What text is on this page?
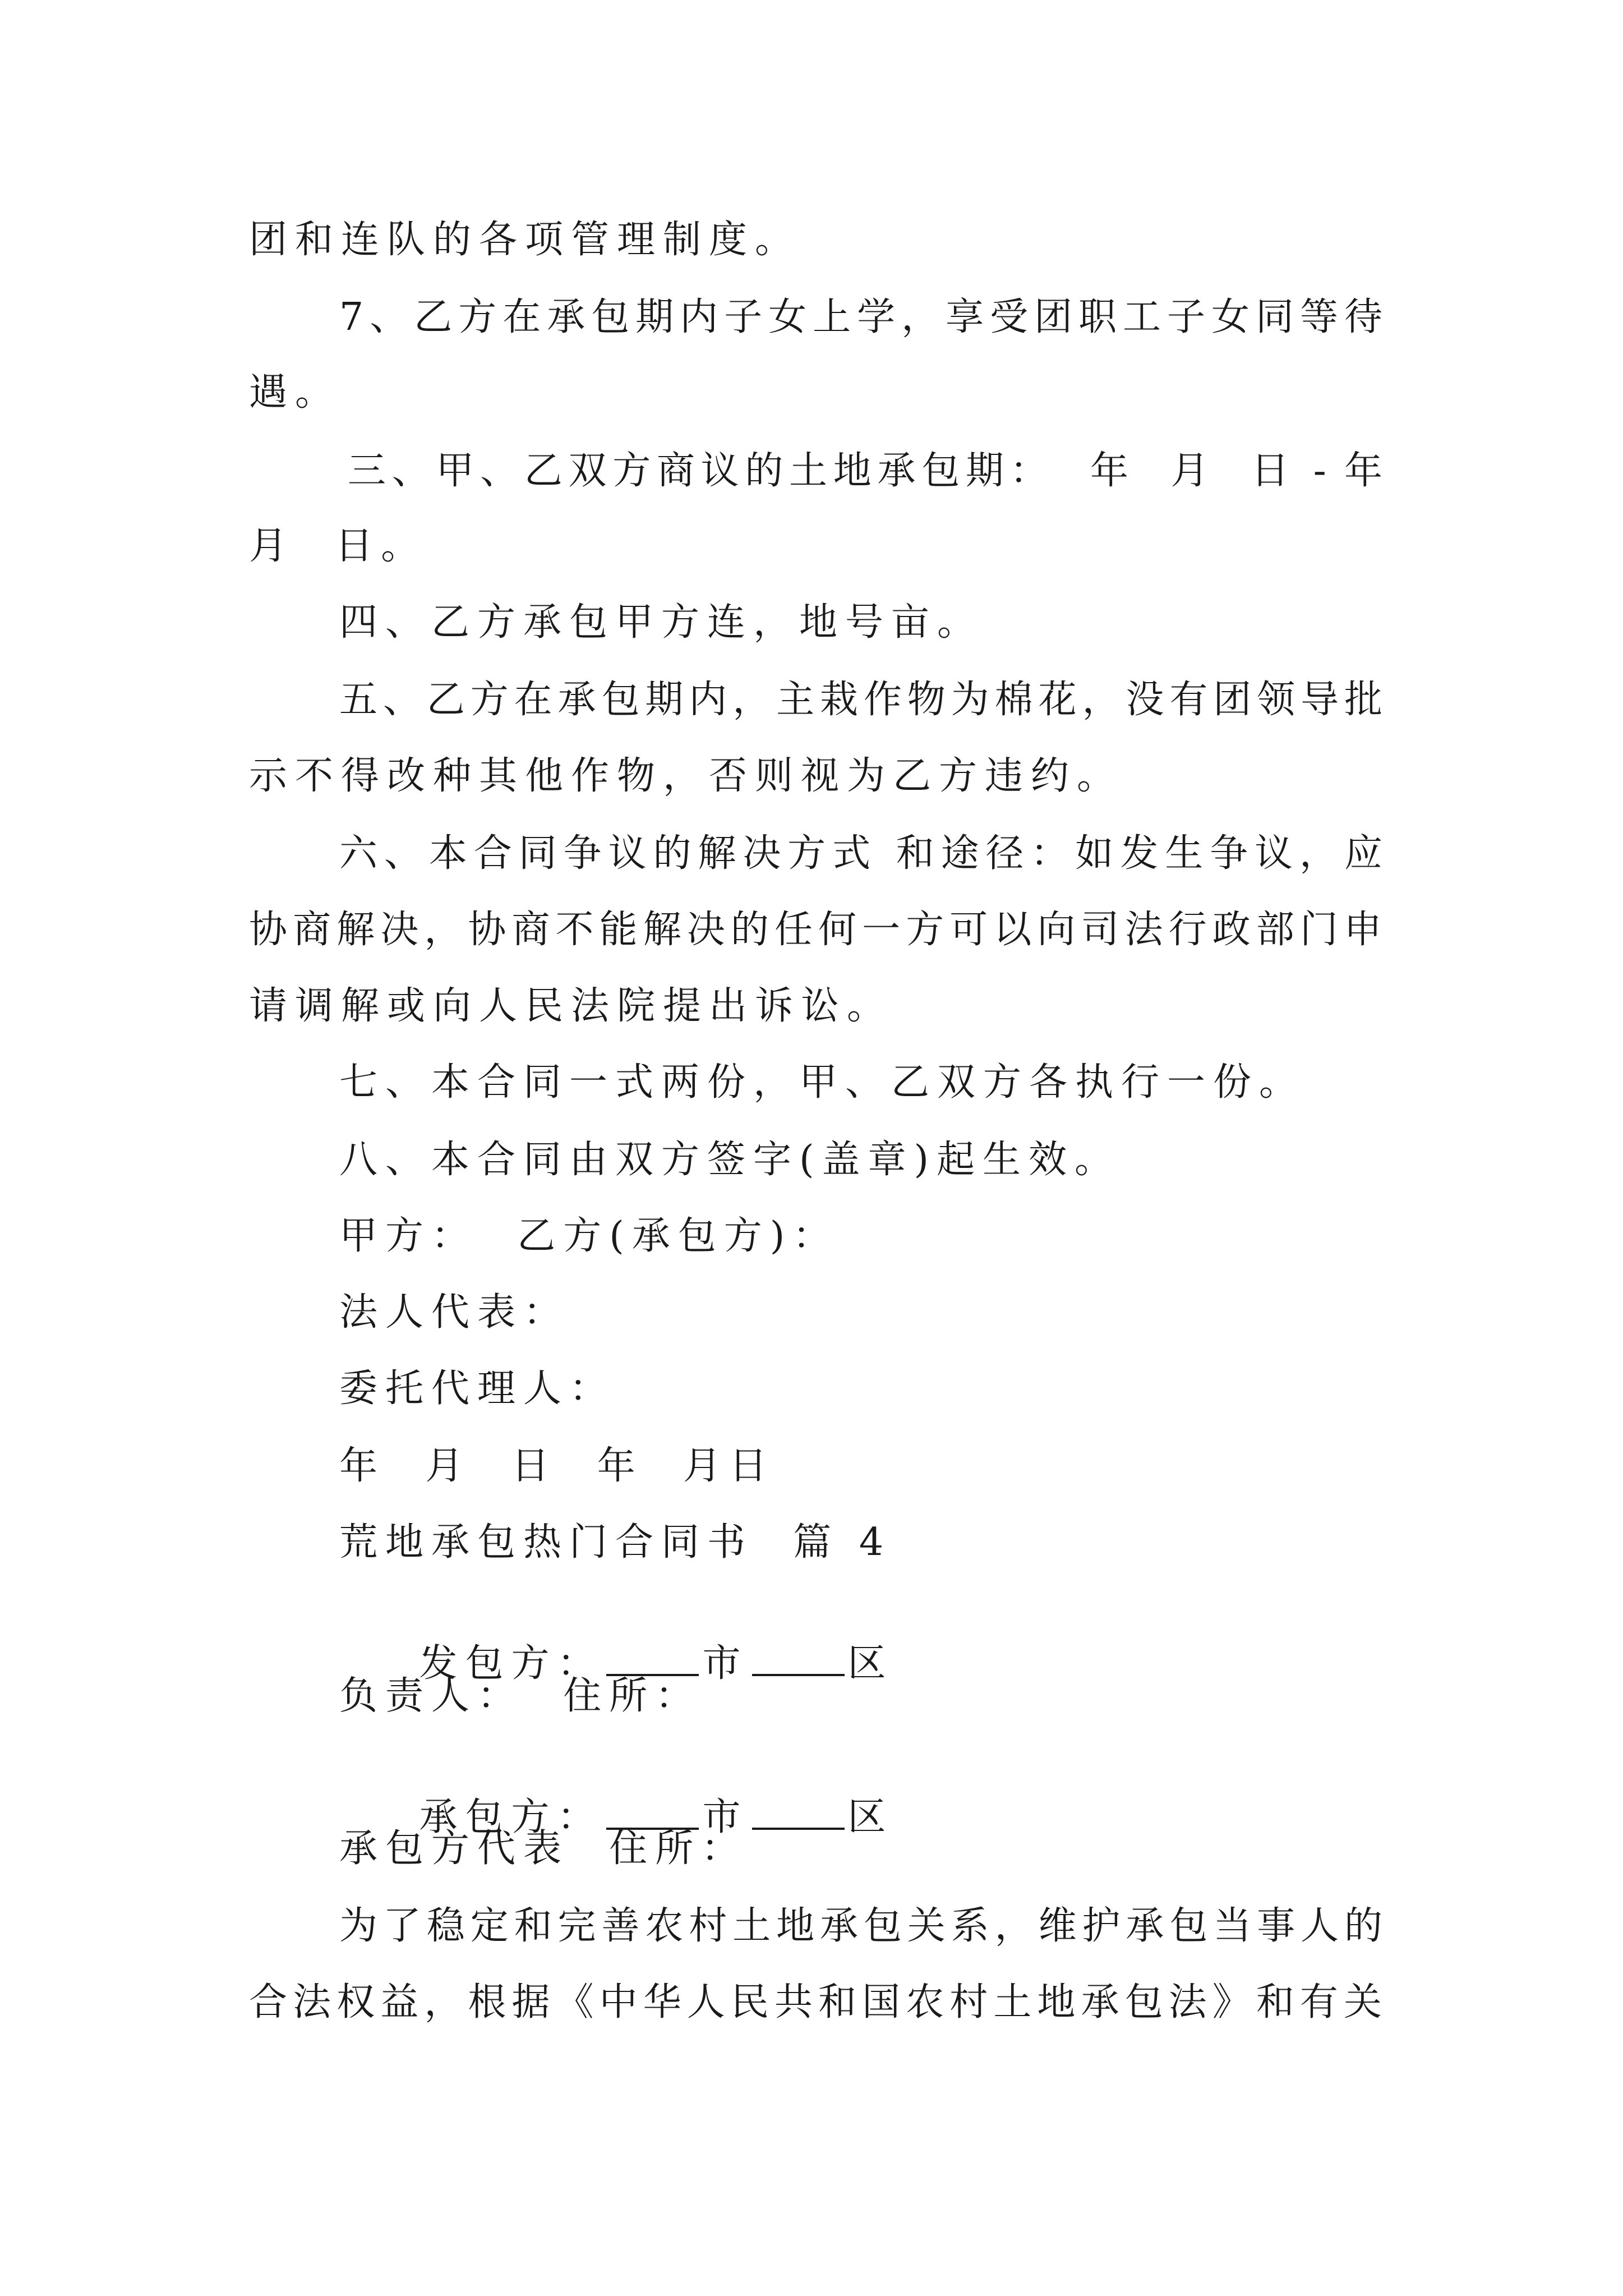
团和连队的各项管理制度。
7、乙方在承包期内子女上学，享受团职工子女同等待
遇。
三、甲、乙双方商议的土地承包期：  年  月  日 - 年
月  日。
四、乙方承包甲方连，地号亩。
五、乙方在承包期内，主栽作物为棉花，没有团领导批
示不得改种其他作物，否则视为乙方违约。
六、本合同争议的解决方式 和途径：如发生争议，应
协商解决，协商不能解决的任何一方可以向司法行政部门申
请调解或向人民法院提出诉讼。
七、本合同一式两份，甲、乙双方各执行一份。
八、本合同由双方签字(盖章)起生效。
甲方：  乙方(承包方)：
法人代表：
委托代理人：
年  月  日  年  月日
荒地承包热门合同书  篇 4

发包方：	市	区

负责人：  住所：

承包方：	市	区

承包方代表  住所：
为了稳定和完善农村土地承包关系，维护承包当事人的
合法权益，根据《中华人民共和国农村土地承包法》和有关
